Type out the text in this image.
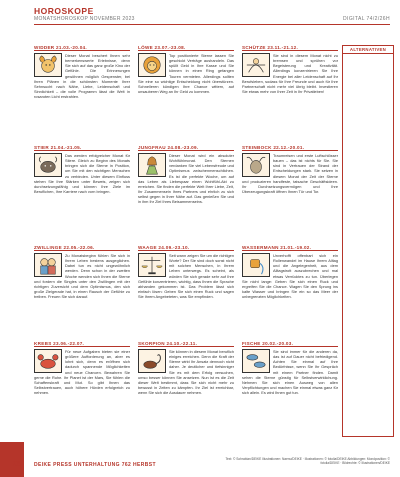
HOROSKOPE
MONATSHOROSKOP NOVEMBER 2023	DIGITAL 74/2/26H
WIDDER 21.03.-20.04.
Dieser Monat beschert Ihnen sehr bemerkenswerte Erlebnisse, denn Sie sich auf das ganz große Kino der Gefühle. Die Erinnerungen gewöhnen möglich Gespenster, bei Ihren Plänen in die schönsten Momente Ihrer Sehnsucht nach Nähe, Liebe, Leidenschaft und Sinnlichkeit – die volle Programm lässt die Welt in rosaroten Licht erstrahlen.
STIER 21.04.-21.05.
Das werden erfolgreicher Monat für Stiere. Gleich zu Beginn des Monats bringen sich die Sterne in Position, um Sie mit den wichtigen Menschen zu verbinden. Unter diesem Einfluss stehen Sie Ihre Stärken unter Beweis, zeigen sich durchsetzungsfähig und können Ihre Ziele im Beruflichen, Ihre Karriere nach vorn bringen.
ZWILLINGE 22.05.-22.06.
Zu Monatsbeginn fühlen Sie sich in Ihrem Leben bestens ausgeglichen. Dabei tun es nicht ungewöhnlich werden. Denn schon in der zweiten Woche wenden sich Ihnen die Sterne und fordern die Singles unter den Zwillingen mit der richtigen Zuversicht und dem Optimismus, den sich große Zielgerade hat, in einen Rausch der Gefühle zu treiben. Freuen Sie sich darauf.
KREBS 23.06.-22.07.
Für neue Aufgaben bieten sie einer größere Aufforderung an, aber es lohnt sich, denn es eröffnen sich dadurch spannende Möglichkeiten und neue Chancen. Bewahren Sie gerne die Ruhe. Ihr Planet ist der Mars, Sie fühlen die Schaffenskraft und Mut. So gibt Ihnen das Selbstvertrauen, auch höhere Hürden erfolgreich zu nehmen.
LÖWE 23.07.-23.08.
Top positionierte Sterne lassen Sie geschickt Verträge aushandeln. Das spüllt Geld in Ihre Kasse und Sie können in einen Ring gefangen Touren vermieten. Allerdings sollten Sie eine so wichtige Entscheidung nicht überstürzen. Schnelleren kündigen Ihre Chance wittern, auf unsauberen Weg an Ihr Geld zu kommen.
JUNGFRAU 24.08.-23.09.
Dieser Monat wird ein absoluter Wohlfühlmonat. Den Sternen verdanken Sie viel Lebensfreude und Optimismus zwischenmenschlichen. Es ist die perfekte Woche, um auf das Leben als Liebespaar einen Wohlfühl-Akt zu erreichen. Sie finden die perfekte Welt Ihrer Liebe, Zeit, Ihr Zusammensein Ihres Partners und ehrlich zu sich selbst gegen in Ihrer Nähe auf. Das genießen Sie und in ihm Ihr Ziel Ihres Beisammenseins.
WAAGE 24.09.-23.10.
Seit wann zeigen Sie um die richtigen Worte? Der Sie sind doch sonst nicht mit solchen Menschen, in Ihrem Leben unterwegs. Es scheint, als würden Sie sich gerade sehr auf Ihre Gefühle konzentrieren, wichtig, dass Ihnen die Sprache abhanden gekommen ist. Das Problem lässt sich einfach lösen: Geben Sie sich einen Ruck und sagen Sie Ihrem Angebeteten, was Sie empfinden.
SKORPION 24.10.-22.11.
Sie können in diesem Monat beruflich einiges erreichen. Denn die Kraft der Sterne wirkt Ihr Ansatz dennoch nicht daher. Je deutlicher und tiefsinniger Sie es mit dem Erfolg versuchen, umso besser können Sie ansetzen. Nun ist es die Zeit dieser Welt bestimmt, dass Sie sich nicht mehr zu bewusst in Zeiten zu kämpfen. Ihr Ziel ist erreichbar, wenn Sie sich die Ausdauer nehmen.
SCHÜTZE 23.11.-21.12.
Sie sind in diesem Monat nicht zu bremsen und sprühen vor Begeisterung und Kreativität. Allerdings konzentrieren Sie Ihre Energie bei aller Leidenschaft auf Ihr Berufsleben, sodass für Ihre Freunde und auch für Ihre Partnerschaft nicht mehr viel übrig bleibt. Investieren Sie etwas mehr von Ihrer Zeit in Ihr Privatleben!
STEINBOCK 22.12.-20.01.
Traumreisen und erste Luftschlösser bauen – das ist nichts für Sie. Sie sind in Vertrauen der Strand der Entscheidungen stark. Sie setzen in diesem Monat der Zeit der Sterne und produzieren handfeste, tatsache Geschäftsideen. Ihr Durchsetzungsvermögen und Ihre Überzeugungskraft öffnen Ihnen Tür und Tor.
WASSERMANN 21.01.-19.02.
Unverhofft offenbart sich ein Rollenwandel im Hause Ihrem Alltag und die Angelegenheit, aus dem Alltagstrott auszubrechen und mal etwas Verrücktes zu tun. Überlegen Sie nicht lange: Geben Sie sich einen Ruck und ergreifen Sie die Chance. Wagen Sie den Sprung ins kalte Wasser und bringen Sie ein so das Meer der unbegrenzten Möglichkeiten.
FISCHE 20.02.-20.03.
Sie sind immer für die anderen da, das ist auf Dauer nicht befriedigend. Achten Sie einmal auf Ihre Bedürfnisse, wenn Sie Ihr Gespräch mit einem Partner finden. Damit sehen die Sterne günstig für Selbstverwirklichung. Nehmen Sie sich einen Ausweg von allen Verpflichtungen und machen Sie einmal etwas ganz für sich allein. Es wird Ihnen gut tun.
ALTERNATIVEN
26	DEIKE PRESS UNTERHALTUNG 762 HERBST
Text: © Sohrabian/DEIKE Illustrationen: Naenu/DEIKE · Illustrationen: © fotolia/DEIKE Abbildungen: Mondposition: © fotolia/DEIKE · Bildrechte: © Illustrationen/DEIKE
